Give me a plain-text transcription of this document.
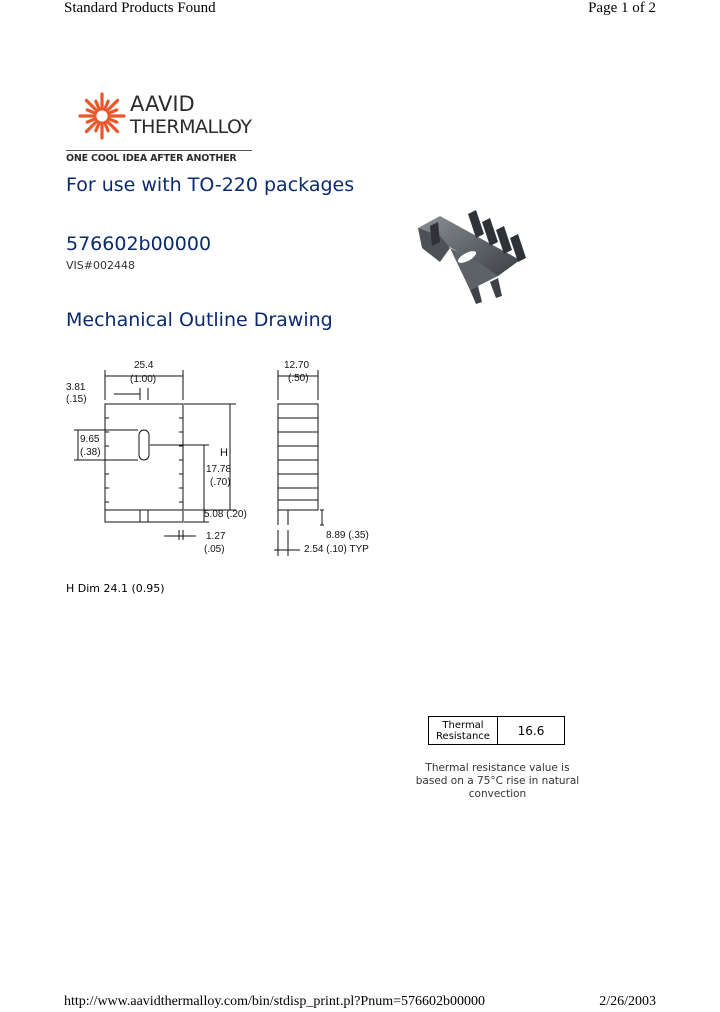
Standard Products Found	Page 1 of 2
AAVID
THERMALLOY
ONE COOL IDEA AFTER ANOTHER
For use with TO-220 packages
576602b00000
VIS#002448
Mechanical Outline Drawing
25.4
(1.00)
3.81
(.15)
9.65
(.38)	H
17.78
(.70)
5.08 (.20)
1.27
(.05)
12.70
(.50)
8.89 (.35)
2.54 (.10) TYP
H Dim 24.1 (0.95)
Thermal
Resistance	16.6
Thermal resistance value is
based on a 75°C rise in natural
convection
http://www.aavidthermalloy.com/bin/stdisp_print.pl?Pnum=576602b00000	2/26/2003
